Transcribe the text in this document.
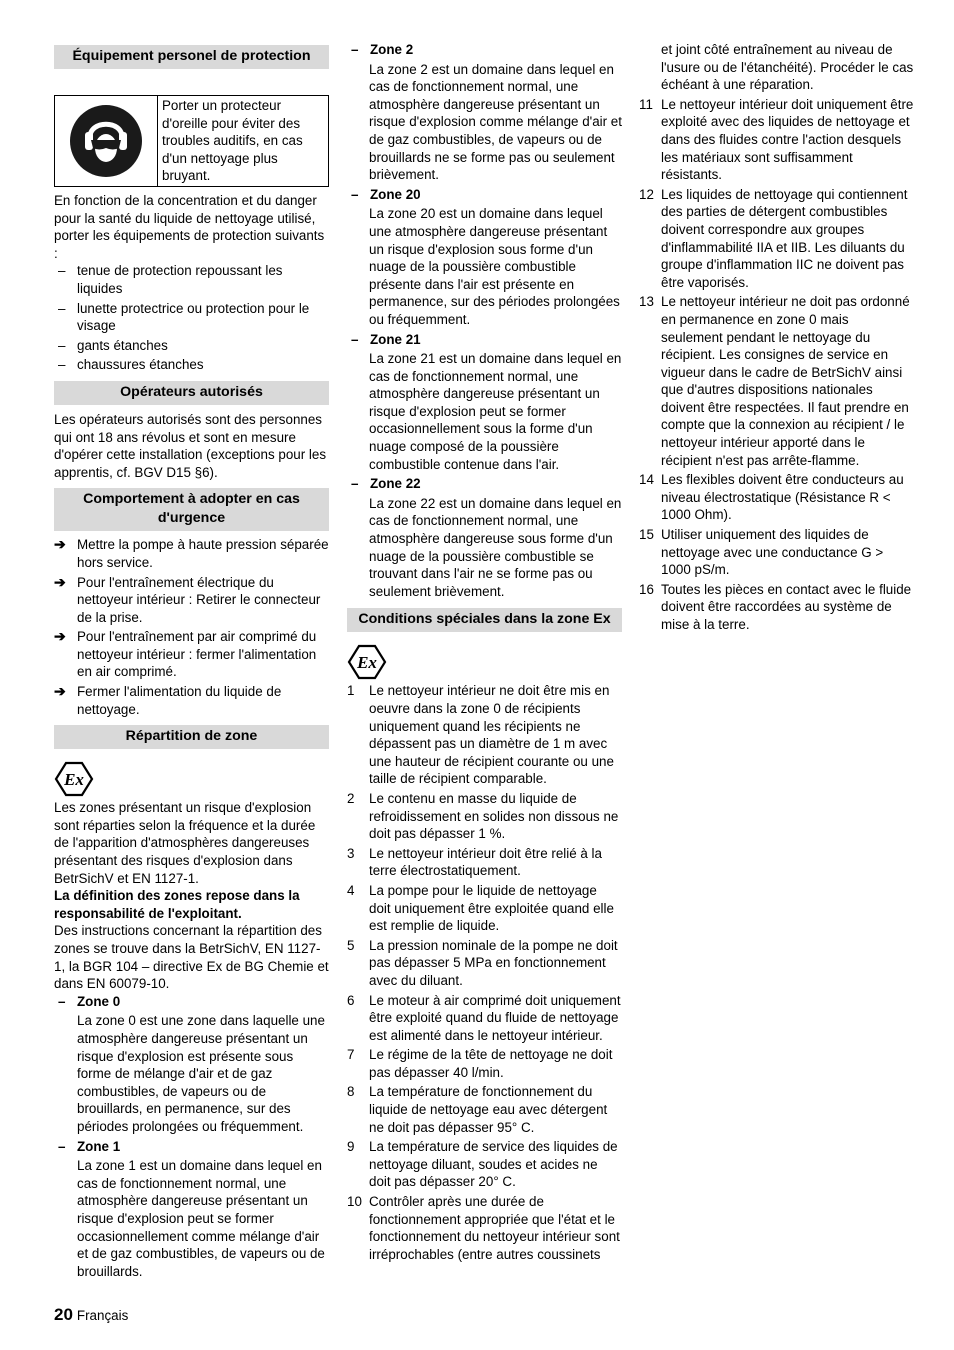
Équipement personel de protection
Porter un protecteur d'oreille pour éviter des troubles auditifs, en cas d'un nettoyage plus bruyant.

En fonction de la concentration et du danger pour la santé du liquide de nettoyage utilisé, porter les équipements de protection suivants :

– tenue de protection repoussant les liquides

– lunette protectrice ou protection pour le visage

– gants étanches

– chaussures étanches

Opérateurs autorisés

Les opérateurs autorisés sont des personnes qui ont 18 ans révolus et sont en mesure d'opérer cette installation (exceptions pour les apprentis, cf. BGV D15 §6).

Comportement à adopter en cas d'urgence

➔ Mettre la pompe à haute pression séparée hors service.

➔ Pour l'entraînement électrique du nettoyeur intérieur : Retirer le connecteur de la prise.

➔ Pour l'entraînement par air comprimé du nettoyeur intérieur : fermer l'alimentation en air comprimé.

➔ Fermer l'alimentation du liquide de nettoyage.

Répartition de zone
Ex

Les zones présentant un risque d'explosion sont réparties selon la fréquence et la durée de l'apparition d'atmosphères dangereuses présentant des risques d'explosion dans BetrSichV et EN 1127-1.

La définition des zones repose dans la responsabilité de l'exploitant.

Des instructions concernant la répartition des zones se trouve dans la BetrSichV, EN 1127-1, la BGR 104 – directive Ex de BG Chemie et dans EN 60079-10.

– Zone 0

La zone 0 est une zone dans laquelle une atmosphère dangereuse présentant un risque d'explosion est présente sous forme de mélange d'air et de gaz combustibles, de vapeurs ou de brouillards, en permanence, sur des périodes prolongées ou fréquemment.

– Zone 1

La zone 1 est un domaine dans lequel en cas de fonctionnement normal, une atmosphère dangereuse présentant un risque d'explosion peut se former occasionnellement comme mélange d'air et de gaz combustibles, de vapeurs ou de brouillards.

– Zone 2

La zone 2 est un domaine dans lequel en cas de fonctionnement normal, une atmosphère dangereuse présentant un risque d'explosion comme mélange d'air et de gaz combustibles, de vapeurs ou de brouillards ne se forme pas ou seulement brièvement.

– Zone 20

La zone 20 est un domaine dans lequel une atmosphère dangereuse présentant un risque d'explosion sous forme d'un nuage de la poussière combustible présente dans l'air est présente en permanence, sur des périodes prolongées ou fréquemment.

– Zone 21

La zone 21 est un domaine dans lequel en cas de fonctionnement normal, une atmosphère dangereuse présentant un risque d'explosion peut se former occasionnellement sous la forme d'un nuage composé de la poussière combustible contenue dans l'air.

– Zone 22

La zone 22 est un domaine dans lequel en cas de fonctionnement normal, une atmosphère dangereuse sous forme d'un nuage de la poussière combustible se trouvant dans l'air ne se forme pas ou seulement brièvement.

Conditions spéciales dans la zone Ex
Ex

1 Le nettoyeur intérieur ne doit être mis en oeuvre dans la zone 0 de récipients uniquement quand les récipients ne dépassent pas un diamètre de 1 m avec une hauteur de récipient courante ou une taille de récipient comparable.

2 Le contenu en masse du liquide de refroidissement en solides non dissous ne doit pas dépasser 1 %.

3 Le nettoyeur intérieur doit être relié à la terre électrostatiquement.

4 La pompe pour le liquide de nettoyage doit uniquement être exploitée quand elle est remplie de liquide.

5 La pression nominale de la pompe ne doit pas dépasser 5 MPa en fonctionnement avec du diluant.

6 Le moteur à air comprimé doit uniquement être exploité quand du fluide de nettoyage est alimenté dans le nettoyeur intérieur.

7 Le régime de la tête de nettoyage ne doit pas dépasser 40 l/min.

8 La température de fonctionnement du liquide de nettoyage eau avec détergent ne doit pas dépasser 95° C.

9 La température de service des liquides de nettoyage diluant, soudes et acides ne doit pas dépasser 20° C.

10 Contrôler après une durée de fonctionnement appropriée que l'état et le fonctionnement du nettoyeur intérieur sont irréprochables (entre autres coussinets

et joint côté entraînement au niveau de l'usure ou de l'étanchéité). Procéder le cas échéant à une réparation.

11 Le nettoyeur intérieur doit uniquement être exploité avec des liquides de nettoyage et dans des fluides contre l'action desquels les matériaux sont suffisamment résistants.

12 Les liquides de nettoyage qui contiennent des parties de détergent combustibles doivent correspondre aux groupes d'inflammabilité IIA et IIB. Les diluants du groupe d'inflammation IIC ne doivent pas être vaporisés.

13 Le nettoyeur intérieur ne doit pas ordonné en permanence en zone 0 mais seulement pendant le nettoyage du récipient. Les consignes de service en vigueur dans le cadre de BetrSichV ainsi que d'autres dispositions nationales doivent être respectées. Il faut prendre en compte que la connexion au récipient / le nettoyeur intérieur apporté dans le récipient n'est pas arrête-flamme.

14 Les flexibles doivent être conducteurs au niveau électrostatique (Résistance R < 1000 Ohm).

15 Utiliser uniquement des liquides de nettoyage avec une conductance G > 1000 pS/m.

16 Toutes les pièces en contact avec le fluide doivent être raccordées au système de mise à la terre.

20 Français
